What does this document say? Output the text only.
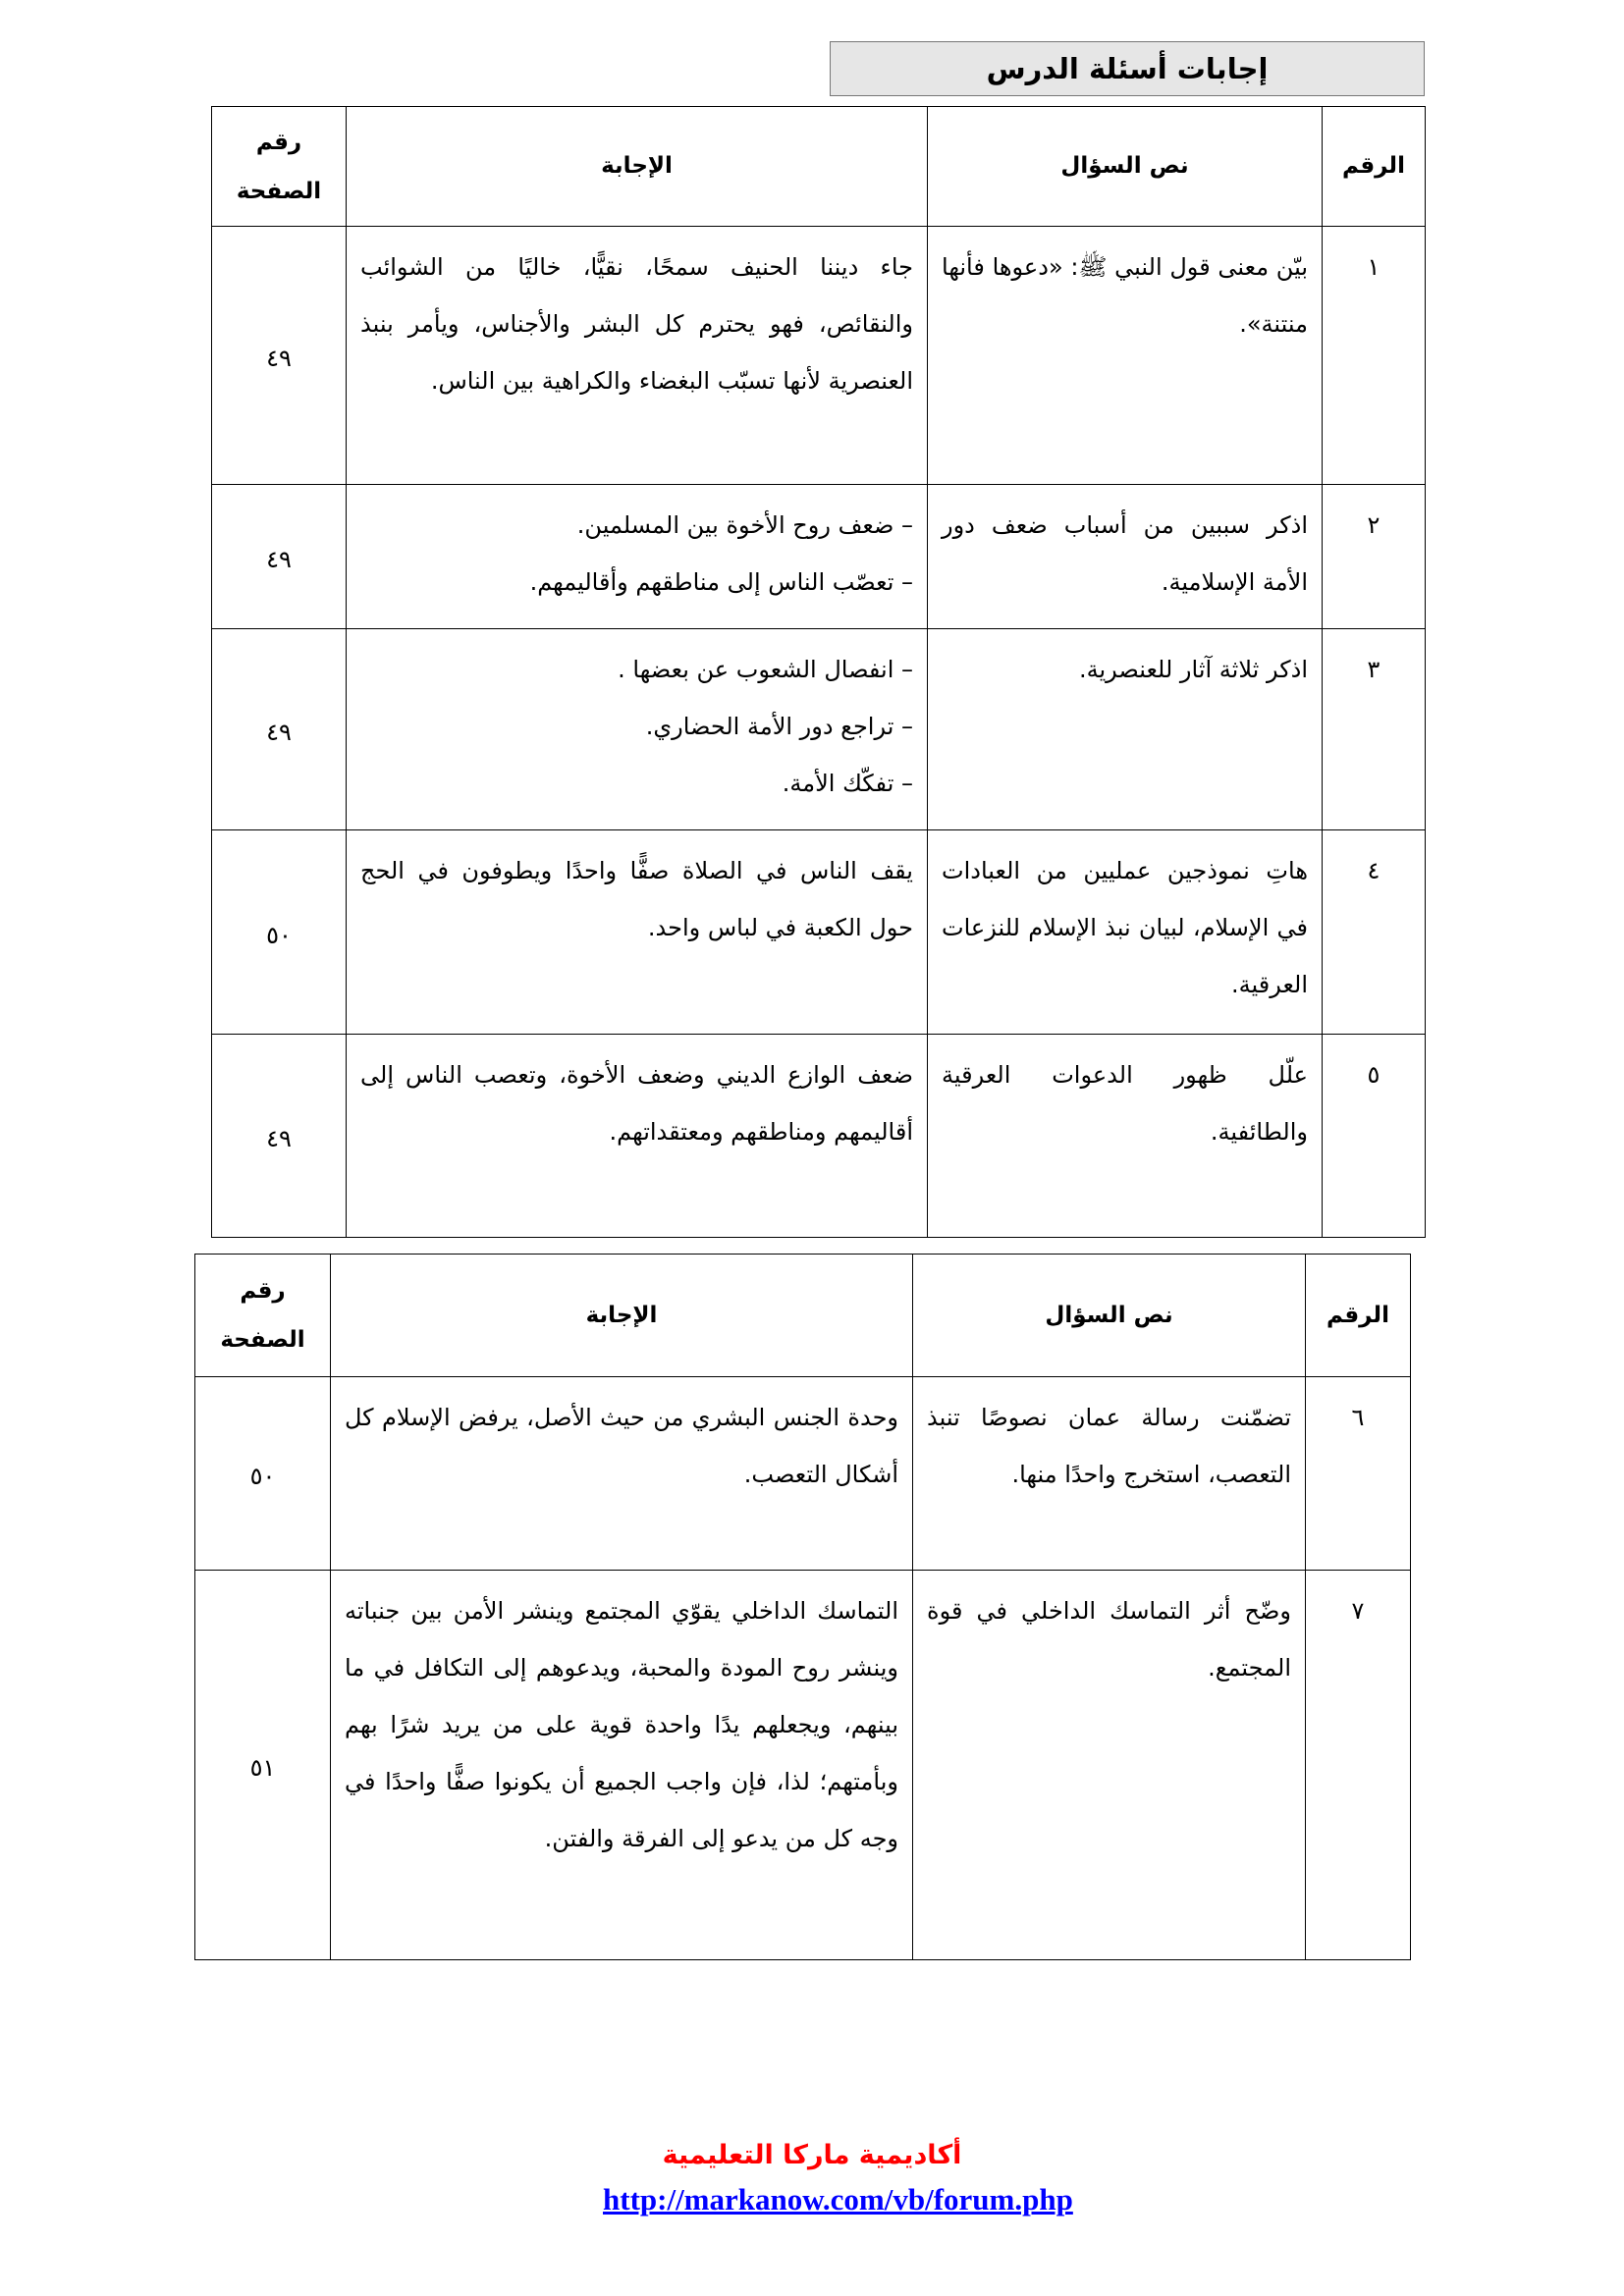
إجابات أسئلة الدرس
الرقم	نص السؤال	الإجابة	رقم الصفحة
١	بيّن معنى قول النبي ﷺ: «دعوها فأنها منتنة».	جاء ديننا الحنيف سمحًا، نقيًّا، خاليًا من الشوائب والنقائص، فهو يحترم كل البشر والأجناس، ويأمر بنبذ العنصرية لأنها تسبّب البغضاء والكراهية بين الناس.	٤٩
٢	اذكر سببين من أسباب ضعف دور الأمة الإسلامية.	– ضعف روح الأخوة بين المسلمين.
– تعصّب الناس إلى مناطقهم وأقاليمهم.	٤٩
٣	اذكر ثلاثة آثار للعنصرية.	– انفصال الشعوب عن بعضها .
– تراجع دور الأمة الحضاري.
– تفكّك الأمة.	٤٩
٤	هاتِ نموذجين عمليين من العبادات في الإسلام، لبيان نبذ الإسلام للنزعات العرقية.	يقف الناس في الصلاة صفًّا واحدًا ويطوفون في الحج حول الكعبة في لباس واحد.	٥٠
٥	علّل ظهور الدعوات العرقية والطائفية.	ضعف الوازع الديني وضعف الأخوة، وتعصب الناس إلى أقاليمهم ومناطقهم ومعتقداتهم.	٤٩
الرقم	نص السؤال	الإجابة	رقم الصفحة
٦	تضمّنت رسالة عمان نصوصًا تنبذ التعصب، استخرج واحدًا منها.	وحدة الجنس البشري من حيث الأصل، يرفض الإسلام كل أشكال التعصب.	٥٠
٧	وضّح أثر التماسك الداخلي في قوة المجتمع.	التماسك الداخلي يقوّي المجتمع وينشر الأمن بين جنباته وينشر روح المودة والمحبة، ويدعوهم إلى التكافل في ما بينهم، ويجعلهم يدًا واحدة قوية على من يريد شرًا بهم وبأمتهم؛ لذا، فإن واجب الجميع أن يكونوا صفًّا واحدًا في وجه كل من يدعو إلى الفرقة والفتن.	٥١
أكاديمية ماركا التعليمية
http://markanow.com/vb/forum.php
